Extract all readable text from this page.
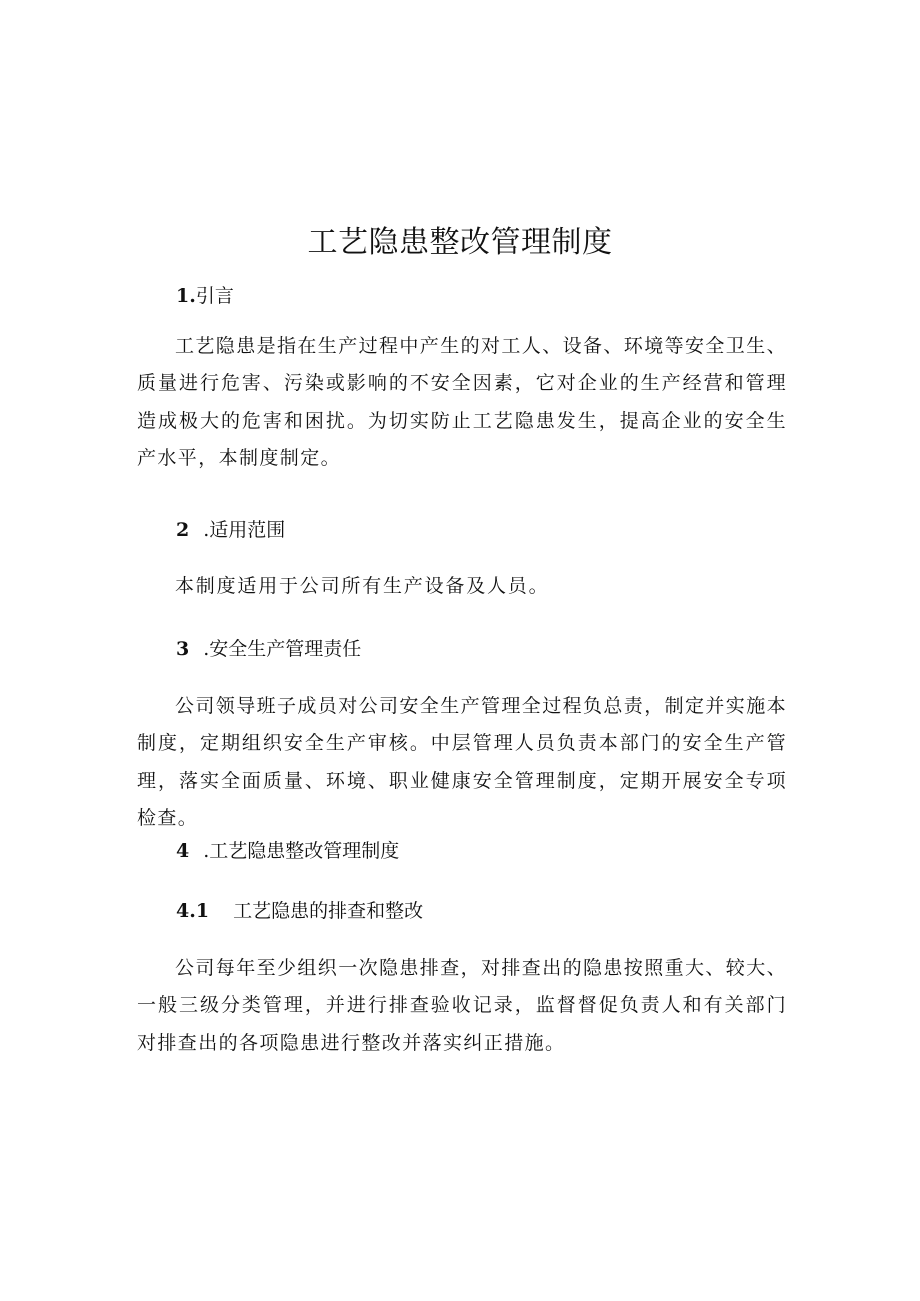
工艺隐患整改管理制度
1.引言

工艺隐患是指在生产过程中产生的对工人、设备、环境等安全卫生、质量进行危害、污染或影响的不安全因素，它对企业的生产经营和管理造成极大的危害和困扰。为切实防止工艺隐患发生，提高企业的安全生产水平，本制度制定。

2 .适用范围

本制度适用于公司所有生产设备及人员。

3 .安全生产管理责任

公司领导班子成员对公司安全生产管理全过程负总责，制定并实施本制度，定期组织安全生产审核。中层管理人员负责本部门的安全生产管理，落实全面质量、环境、职业健康安全管理制度，定期开展安全专项检查。

4 .工艺隐患整改管理制度
4.1 工艺隐患的排查和整改

公司每年至少组织一次隐患排查，对排查出的隐患按照重大、较大、一般三级分类管理，并进行排查验收记录，监督督促负责人和有关部门对排查出的各项隐患进行整改并落实纠正措施。
